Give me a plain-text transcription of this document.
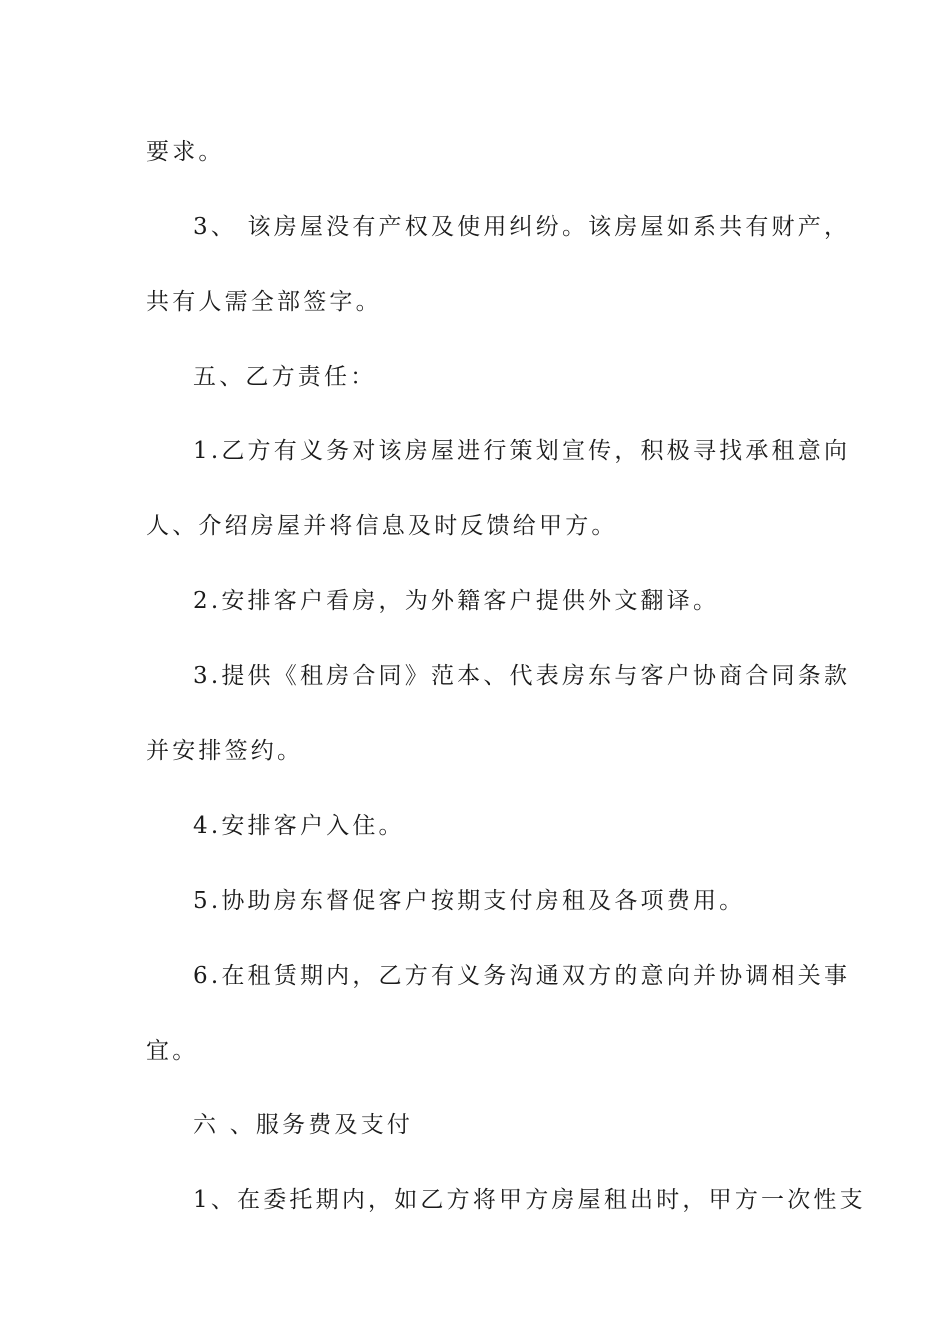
要求。
3、 该房屋没有产权及使用纠纷。该房屋如系共有财产，
共有人需全部签字。
五、乙方责任：
1.乙方有义务对该房屋进行策划宣传，积极寻找承租意向
人、介绍房屋并将信息及时反馈给甲方。
2.安排客户看房，为外籍客户提供外文翻译。
3.提供《租房合同》范本、代表房东与客户协商合同条款
并安排签约。
4.安排客户入住。
5.协助房东督促客户按期支付房租及各项费用。
6.在租赁期内，乙方有义务沟通双方的意向并协调相关事
宜。
六 、服务费及支付
1、在委托期内，如乙方将甲方房屋租出时，甲方一次性支
